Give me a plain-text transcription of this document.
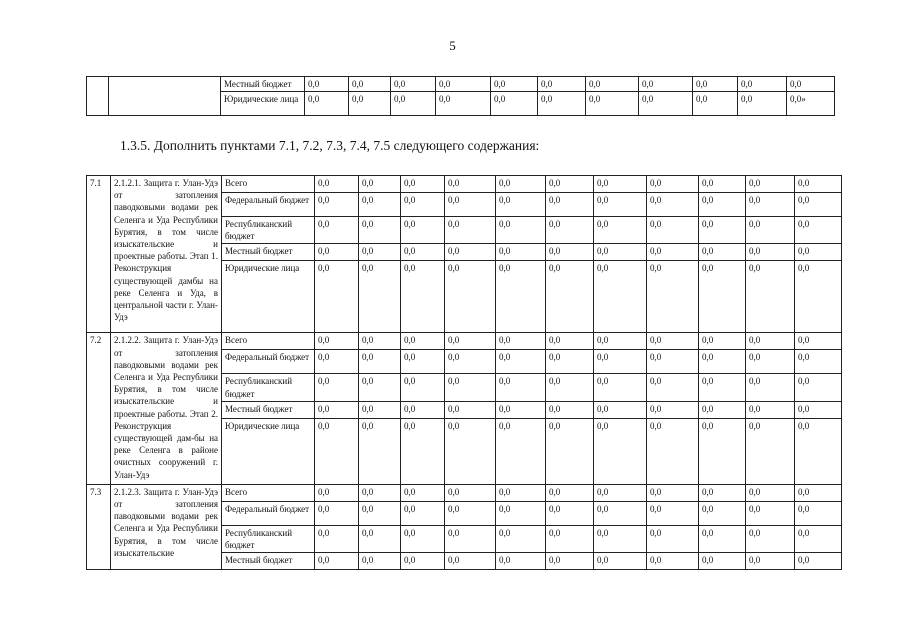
5
		Местный бюджет	0,0	0,0	0,0	0,0	0,0	0,0	0,0	0,0	0,0	0,0	0,0
		Юридические лица	0,0	0,0	0,0	0,0	0,0	0,0	0,0	0,0	0,0	0,0	0,0»
1.3.5. Дополнить пунктами 7.1, 7.2, 7.3, 7.4, 7.5 следующего содержания:
7.1	2.1.2.1. Защита г. Улан-Удэ от затопления паводковыми водами рек Селенга и Уда Республики Бурятия, в том числе изыскательские и проектные работы. Этап 1. Реконструкция существующей дамбы на реке Селенга и Уда, в центральной части г. Улан-Удэ	Всего	0,0	0,0	0,0	0,0	0,0	0,0	0,0	0,0	0,0	0,0	0,0
		Федеральный бюджет	0,0	0,0	0,0	0,0	0,0	0,0	0,0	0,0	0,0	0,0	0,0
		Республиканский бюджет	0,0	0,0	0,0	0,0	0,0	0,0	0,0	0,0	0,0	0,0	0,0
		Местный бюджет	0,0	0,0	0,0	0,0	0,0	0,0	0,0	0,0	0,0	0,0	0,0
		Юридические лица	0,0	0,0	0,0	0,0	0,0	0,0	0,0	0,0	0,0	0,0	0,0
7.2	2.1.2.2. Защита г. Улан-Удэ от затопления паводковыми водами рек Селенга и Уда Республики Бурятия, в том числе изыскательские и проектные работы. Этап 2. Реконструкция существующей дам-бы на реке Селенга в районе очистных сооружений г. Улан-Удэ	Всего	0,0	0,0	0,0	0,0	0,0	0,0	0,0	0,0	0,0	0,0	0,0
		Федеральный бюджет	0,0	0,0	0,0	0,0	0,0	0,0	0,0	0,0	0,0	0,0	0,0
		Республиканский бюджет	0,0	0,0	0,0	0,0	0,0	0,0	0,0	0,0	0,0	0,0	0,0
		Местный бюджет	0,0	0,0	0,0	0,0	0,0	0,0	0,0	0,0	0,0	0,0	0,0
		Юридические лица	0,0	0,0	0,0	0,0	0,0	0,0	0,0	0,0	0,0	0,0	0,0
7.3	2.1.2.3. Защита г. Улан-Удэ от затопления паводковыми водами рек Селенга и Уда Республики Бурятия, в том числе изыскательские	Всего	0,0	0,0	0,0	0,0	0,0	0,0	0,0	0,0	0,0	0,0	0,0
		Федеральный бюджет	0,0	0,0	0,0	0,0	0,0	0,0	0,0	0,0	0,0	0,0	0,0
		Республиканский бюджет	0,0	0,0	0,0	0,0	0,0	0,0	0,0	0,0	0,0	0,0	0,0
		Местный бюджет	0,0	0,0	0,0	0,0	0,0	0,0	0,0	0,0	0,0	0,0	0,0
